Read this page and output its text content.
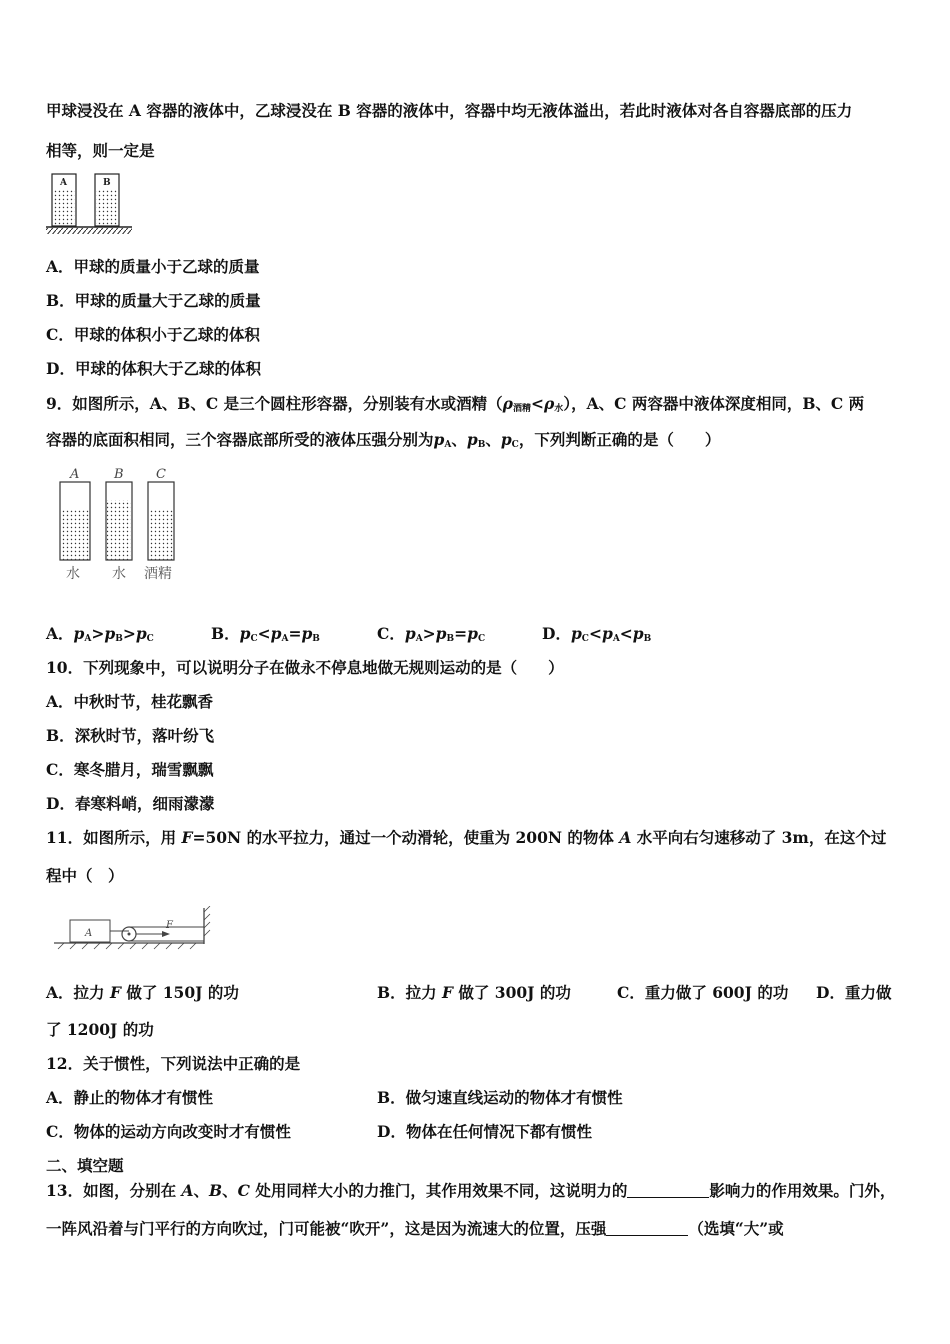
甲球浸没在 A 容器的液体中，乙球浸没在 B 容器的液体中，容器中均无液体溢出，若此时液体对各自容器底部的压力
相等，则一定是
A	B
A．甲球的质量小于乙球的质量
B．甲球的质量大于乙球的质量
C．甲球的体积小于乙球的体积
D．甲球的体积大于乙球的体积
9．如图所示，A、B、C 是三个圆柱形容器，分别装有水或酒精$(\rho_{酒精}<\rho_水)$，A、C 两容器中液体深度相同，B、C 两
容器的底面积相同，三个容器底部所受的液体压强分别为$p_A$、$p_B$、$p_C$，下列判断正确的是（　　）
A	B C
水 水 酒精
A．$p_A>p_B>p_C$	B．$p_C<p_A=p_B$	C．$p_A>p_B=p_C$	D．$p_C<p_A<p_B$
10．下列现象中，可以说明分子在做永不停息地做无规则运动的是（　　）
A．中秋时节，桂花飘香
B．深秋时节，落叶纷飞
C．寒冬腊月，瑞雪飘飘
D．春寒料峭，细雨濛濛
11．如图所示，用 F=50N 的水平拉力，通过一个动滑轮，使重为 200N 的物体 A 水平向右匀速移动了 3m，在这个过
程中（　）
A
F
A．拉力 F 做了 150J 的功	B．拉力 F 做了 300J 的功	C．重力做了 600J 的功 D．重力做
了 1200J 的功
12．关于惯性，下列说法中正确的是
A．静止的物体才有惯性	B．做匀速直线运动的物体才有惯性
C．物体的运动方向改变时才有惯性	D．物体在任何情况下都有惯性
二、填空题
13．如图，分别在 A、B、C 处用同样大小的力推门，其作用效果不同，这说明力的	影响力的作用效果。门外，
一阵风沿着与门平行的方向吹过，门可能被“吹开”，这是因为流速大的位置，压强	（选填“大”或
